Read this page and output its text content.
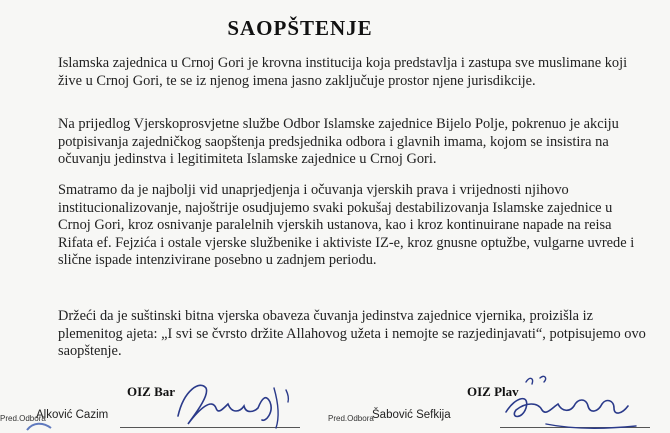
SAOPŠTENJE

Islamska zajednica u Crnoj Gori je krovna institucija koja predstavlja i zastupa sve muslimane koji žive u Crnoj Gori, te se iz njenog imena jasno zaključuje prostor njene jurisdikcije.

Na prijedlog Vjerskoprosvjetne službe Odbor Islamske zajednice Bijelo Polje, pokrenuo je akciju potpisivanja zajedničkog saopštenja predsjednika odbora i glavnih imama, kojom se insistira na očuvanju jedinstva i legitimiteta Islamske zajednice u Crnoj Gori.

Smatramo da je najbolji vid unaprjedjenja i očuvanja vjerskih prava i vrijednosti njihovo institucionalizovanje, najoštrije osudjujemo svaki pokušaj destabilizovanja Islamske zajednice u Crnoj Gori, kroz osnivanje paralelnih vjerskih ustanova, kao i kroz kontinuirane napade na reisa Rifata ef. Fejzića i ostale vjerske službenike i aktiviste IZ-e, kroz gnusne optužbe, vulgarne uvrede i slične ispade intenzivirane posebno u zadnjem periodu.

Držeći da je suštinski bitna vjerska obaveza čuvanja jedinstva zajednice vjernika, proizišla iz plemenitog ajeta: „I svi se čvrsto držite Allahovog užeta i nemojte se razjedinjavati“, potpisujemo ovo saopštenje.

OIZ Bar
Pred.Odbora
Alković Cazim
OIZ Plav
Pred.Odbora
Šabović Sefkija
